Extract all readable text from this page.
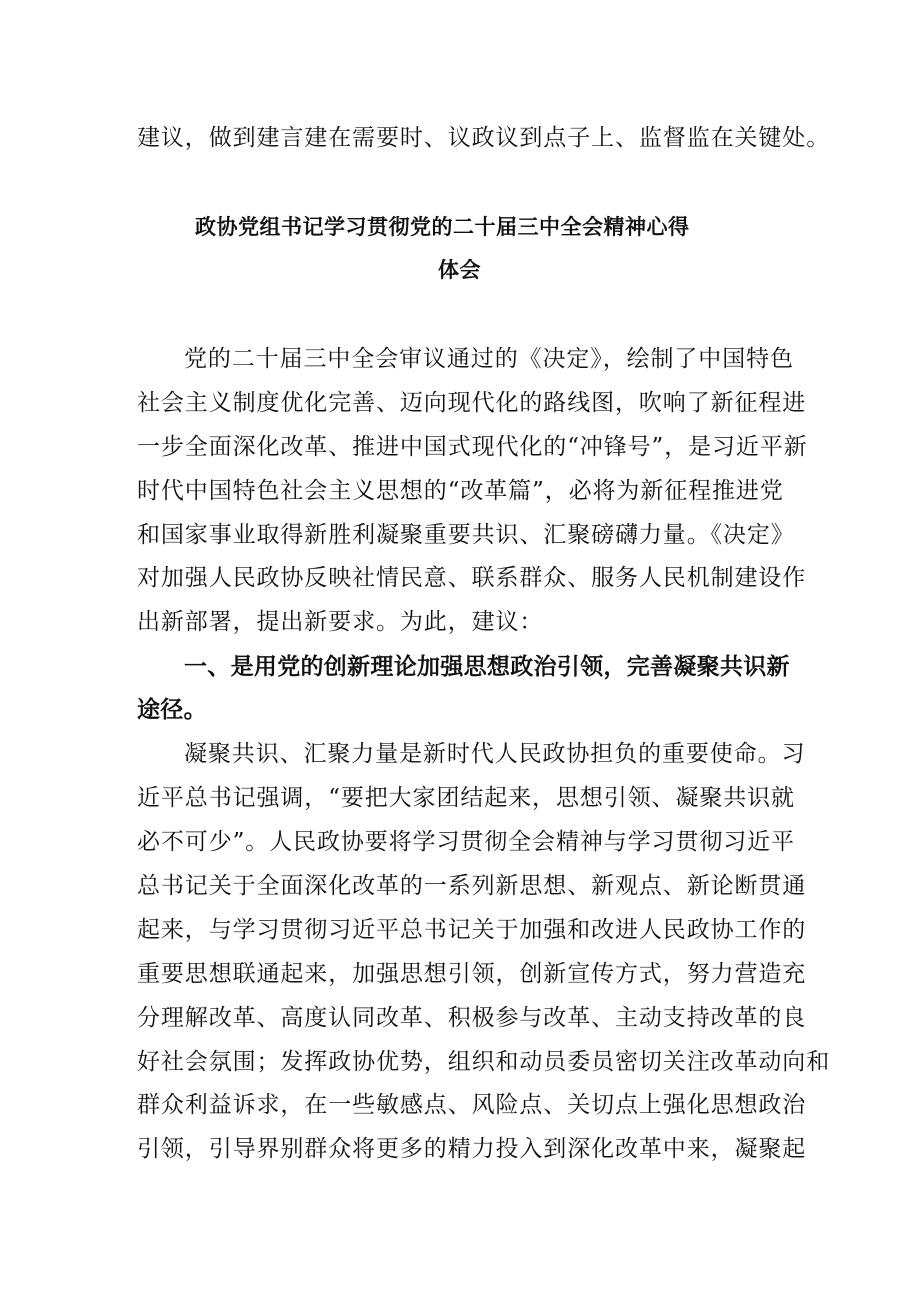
建议，做到建言建在需要时、议政议到点子上、监督监在关键处。
政协党组书记学习贯彻党的二十届三中全会精神心得
体会
党的二十届三中全会审议通过的《决定》，绘制了中国特色
社会主义制度优化完善、迈向现代化的路线图，吹响了新征程进
一步全面深化改革、推进中国式现代化的“冲锋号”，是习近平新
时代中国特色社会主义思想的“改革篇”，必将为新征程推进党
和国家事业取得新胜利凝聚重要共识、汇聚磅礴力量。《决定》
对加强人民政协反映社情民意、联系群众、服务人民机制建设作
出新部署，提出新要求。为此，建议：
一、是用党的创新理论加强思想政治引领，完善凝聚共识新
途径。
凝聚共识、汇聚力量是新时代人民政协担负的重要使命。习
近平总书记强调，“要把大家团结起来，思想引领、凝聚共识就
必不可少”。人民政协要将学习贯彻全会精神与学习贯彻习近平
总书记关于全面深化改革的一系列新思想、新观点、新论断贯通
起来，与学习贯彻习近平总书记关于加强和改进人民政协工作的
重要思想联通起来，加强思想引领，创新宣传方式，努力营造充
分理解改革、高度认同改革、积极参与改革、主动支持改革的良
好社会氛围；发挥政协优势，组织和动员委员密切关注改革动向和
群众利益诉求，在一些敏感点、风险点、关切点上强化思想政治
引领，引导界别群众将更多的精力投入到深化改革中来，凝聚起
